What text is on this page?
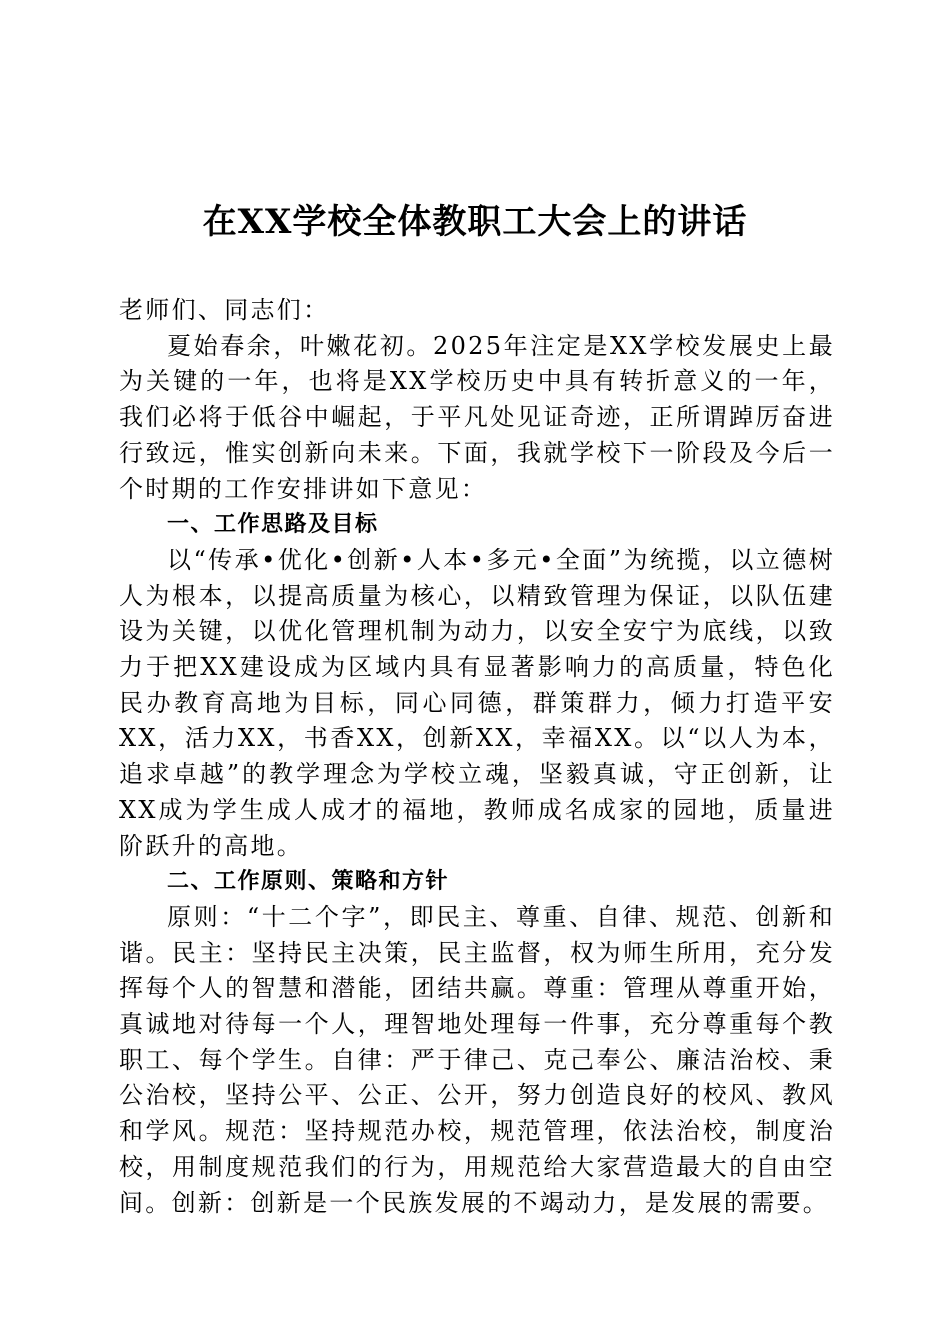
在XX学校全体教职工大会上的讲话

老师们、同志们：

夏始春余，叶嫩花初。2025年注定是XX学校发展史上最为关键的一年，也将是XX学校历史中具有转折意义的一年，我们必将于低谷中崛起，于平凡处见证奇迹，正所谓踔厉奋进行致远，惟实创新向未来。下面，我就学校下一阶段及今后一个时期的工作安排讲如下意见：

一、工作思路及目标

以“传承•优化•创新•人本•多元•全面”为统揽，以立德树人为根本，以提高质量为核心，以精致管理为保证，以队伍建设为关键，以优化管理机制为动力，以安全安宁为底线，以致力于把XX建设成为区域内具有显著影响力的高质量，特色化民办教育高地为目标，同心同德，群策群力，倾力打造平安XX，活力XX，书香XX，创新XX，幸福XX。以“以人为本，追求卓越”的教学理念为学校立魂，坚毅真诚，守正创新，让XX成为学生成人成才的福地，教师成名成家的园地，质量进阶跃升的高地。

二、工作原则、策略和方针

原则：“十二个字”，即民主、尊重、自律、规范、创新和谐。民主：坚持民主决策，民主监督，权为师生所用，充分发挥每个人的智慧和潜能，团结共赢。尊重：管理从尊重开始，真诚地对待每一个人，理智地处理每一件事，充分尊重每个教职工、每个学生。自律：严于律己、克己奉公、廉洁治校、秉公治校，坚持公平、公正、公开，努力创造良好的校风、教风和学风。规范：坚持规范办校，规范管理，依法治校，制度治校，用制度规范我们的行为，用规范给大家营造最大的自由空间。创新：创新是一个民族发展的不竭动力，是发展的需要。
